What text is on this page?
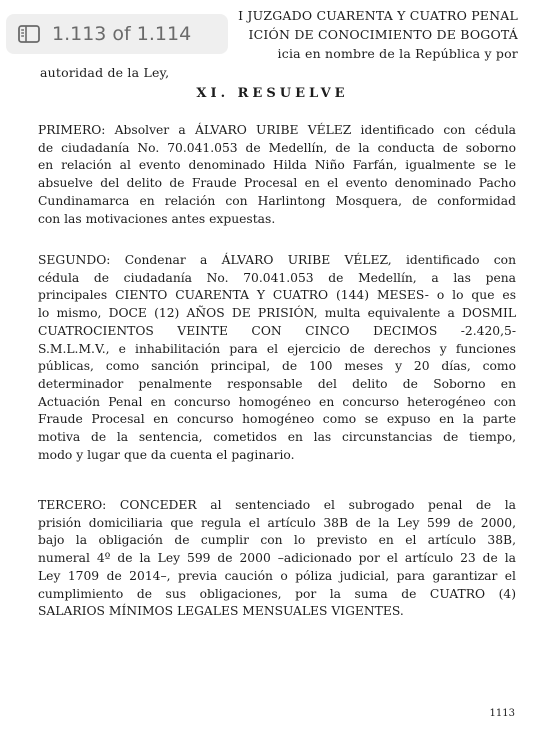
I JUZGADO CUARENTA Y CUATRO PENAL
ICIÓN DE CONOCIMIENTO DE BOGOTÁ
icia en nombre de la República y por
autoridad de la Ley,
XI. RESUELVE
PRIMERO: Absolver a ÁLVARO URIBE VÉLEZ identificado con cédula
de ciudadanía No. 70.041.053 de Medellín, de la conducta de soborno
en relación al evento denominado Hilda Niño Farfán, igualmente se le
absuelve del delito de Fraude Procesal en el evento denominado Pacho
Cundinamarca en relación con Harlintong Mosquera, de conformidad
con las motivaciones antes expuestas.
SEGUNDO: Condenar a ÁLVARO URIBE VÉLEZ, identificado con
cédula de ciudadanía No. 70.041.053 de Medellín, a las pena
principales CIENTO CUARENTA Y CUATRO (144) MESES- o lo que es
lo mismo, DOCE (12) AÑOS DE PRISIÓN, multa equivalente a DOSMIL
CUATROCIENTOS VEINTE CON CINCO DECIMOS -2.420,5-
S.M.L.M.V., e inhabilitación para el ejercicio de derechos y funciones
públicas, como sanción principal, de 100 meses y 20 días, como
determinador penalmente responsable del delito de Soborno en
Actuación Penal en concurso homogéneo en concurso heterogéneo con
Fraude Procesal en concurso homogéneo como se expuso en la parte
motiva de la sentencia, cometidos en las circunstancias de tiempo,
modo y lugar que da cuenta el paginario.
TERCERO: CONCEDER al sentenciado el subrogado penal de la
prisión domiciliaria que regula el artículo 38B de la Ley 599 de 2000,
bajo la obligación de cumplir con lo previsto en el artículo 38B,
numeral 4º de la Ley 599 de 2000 –adicionado por el artículo 23 de la
Ley 1709 de 2014–, previa caución o póliza judicial, para garantizar el
cumplimiento de sus obligaciones, por la suma de CUATRO (4)
SALARIOS MÍNIMOS LEGALES MENSUALES VIGENTES.
1113
1.113 of 1.114
